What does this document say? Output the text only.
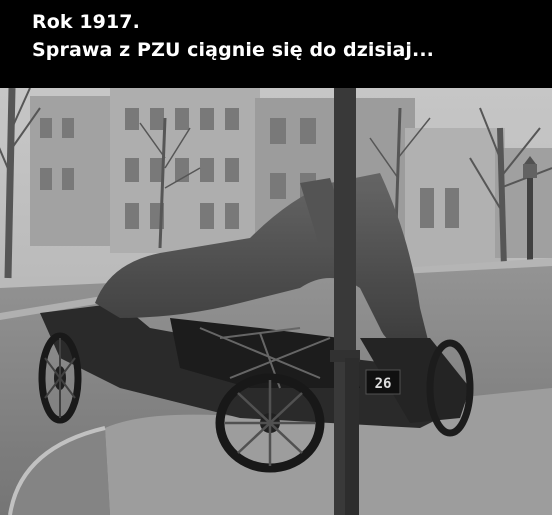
Rok 1917.
Sprawa z PZU ciągnie się do dzisiaj...
26
